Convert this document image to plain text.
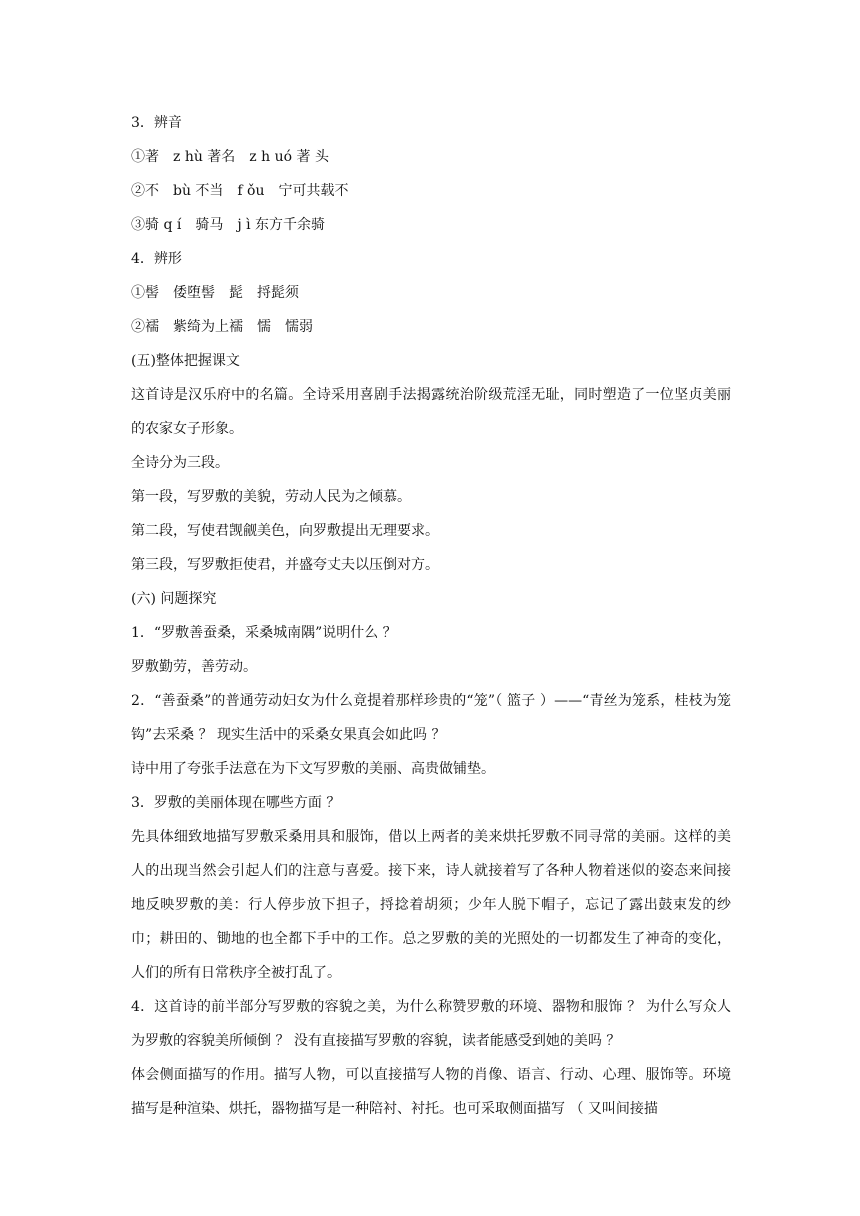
3．辨音
①著　z hù 著名　z h uó 著 头
②不　bù 不当　f ǒu　宁可共载不
③骑 q í　骑马　j ì 东方千余骑
4．辨形
①髻　倭堕髻　髭　捋髭须
②襦　紫绮为上襦　懦　懦弱
(五)整体把握课文
这首诗是汉乐府中的名篇。全诗采用喜剧手法揭露统治阶级荒淫无耻，同时塑造了一位坚贞美丽的农家女子形象。
全诗分为三段。
第一段，写罗敷的美貌，劳动人民为之倾慕。
第二段，写使君觊觎美色，向罗敷提出无理要求。
第三段，写罗敷拒使君，并盛夸丈夫以压倒对方。
(六) 问题探究
1．“罗敷善蚕桑，采桑城南隅”说明什么 ？
罗敷勤劳，善劳动。
2．“善蚕桑”的普通劳动妇女为什么竟提着那样珍贵的“笼”（ 篮子 ）——“青丝为笼系，桂枝为笼钩”去采桑 ？ 现实生活中的采桑女果真会如此吗 ？
诗中用了夸张手法意在为下文写罗敷的美丽、高贵做铺垫。
3．罗敷的美丽体现在哪些方面 ？
先具体细致地描写罗敷采桑用具和服饰，借以上两者的美来烘托罗敷不同寻常的美丽。这样的美人的出现当然会引起人们的注意与喜爱。接下来，诗人就接着写了各种人物着迷似的姿态来间接地反映罗敷的美：行人停步放下担子，捋捻着胡须；少年人脱下帽子，忘记了露出鼓束发的纱巾；耕田的、锄地的也全都下手中的工作。总之罗敷的美的光照处的一切都发生了神奇的变化，人们的所有日常秩序全被打乱了。
4．这首诗的前半部分写罗敷的容貌之美，为什么称赞罗敷的环境、器物和服饰 ？ 为什么写众人为罗敷的容貌美所倾倒 ？ 没有直接描写罗敷的容貌，读者能感受到她的美吗 ？
体会侧面描写的作用。描写人物，可以直接描写人物的肖像、语言、行动、心理、服饰等。环境描写是种渲染、烘托，器物描写是一种陪衬、衬托。也可采取侧面描写 （ 又叫间接描
